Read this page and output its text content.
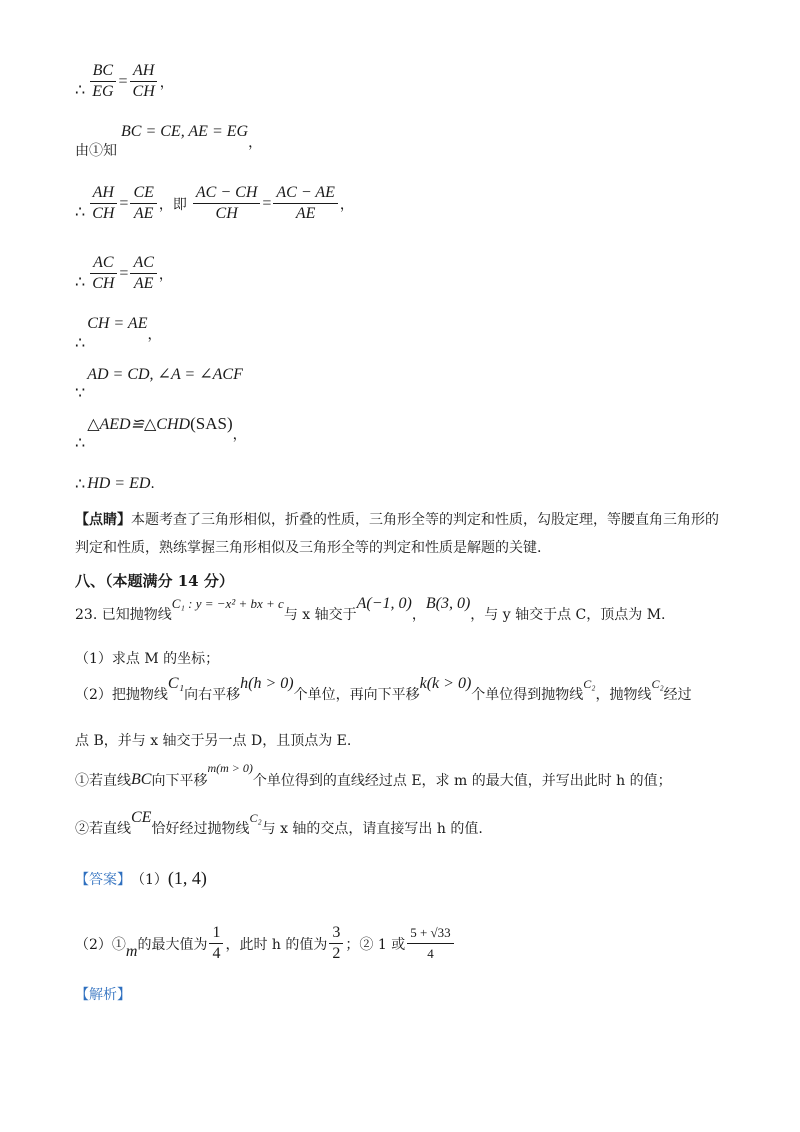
∴ $\frac{BC}{EG} = \frac{AH}{CH}$ ，
由①知
BC = CE, AE = EG
，
∴ $\frac{AH}{CH} = \frac{CE}{AE}$ ，即 $\frac{AC - CH}{CH} = \frac{AC - AE}{AE}$ ，
∴ $\frac{AC}{CH} = \frac{AC}{AE}$ ，
∴
CH = AE
，
∵
AD = CD, ∠A = ∠ACF
∴
△AED≌△CHD (SAS)
，
∴ HD = ED .
【点睛】本题考查了三角形相似，折叠的性质，三角形全等的判定和性质，勾股定理，等腰直角三角形的判定和性质，熟练掌握三角形相似及三角形全等的判定和性质是解题的关键.
八、（本题满分 14 分）
23. 已知抛物线
C₁ : y = −x² + bx + c
与 x 轴交于
A(−1, 0)
，
B(3, 0)
，与 y 轴交于点 C，顶点为 M.
（1）求点 M 的坐标；
（2）把抛物线
C₁
向右平移
h(h > 0)
个单位，再向下平移
k(k > 0)
个单位得到抛物线
C₂
，抛物线
C₂
经过
点 B，并与 x 轴交于另一点 D，且顶点为 E.
①若直线 BC 向下平移
m(m > 0)
个单位得到的直线经过点 E，求 m 的最大值，并写出此时 h 的值；
②若直线
CE
恰好经过抛物线
C₂
与 x 轴的交点，请直接写出 h 的值.
【答案】 （1） (1, 4)
（2）① m 的最大值为 $\frac{1}{4}$ ，此时 h 的值为 $\frac{3}{2}$ ；② 1 或 $\frac{5 + √33}{4}$
【解析】
